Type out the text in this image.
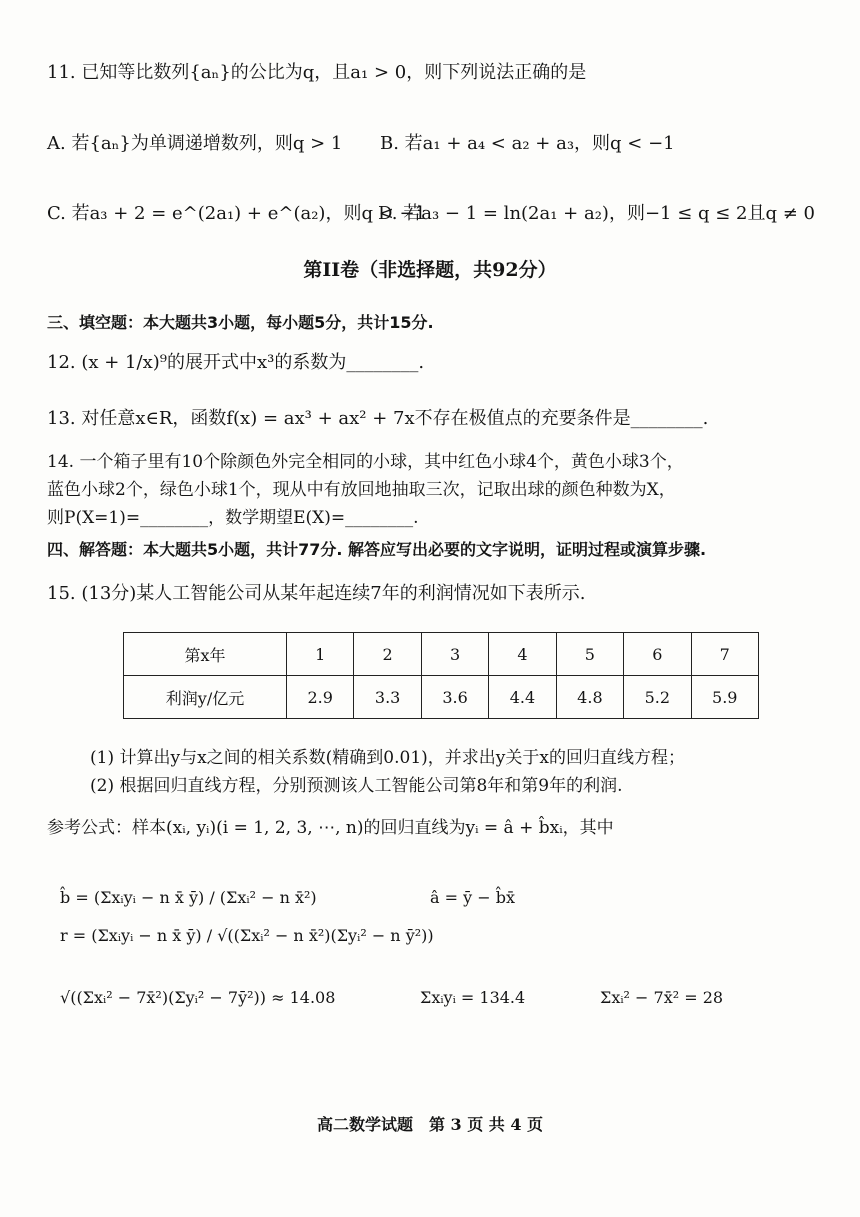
11. 已知等比数列{aₙ}的公比为q，且a₁ > 0，则下列说法正确的是
A. 若{aₙ}为单调递增数列，则q > 1 B. 若a₁ + a₄ < a₂ + a₃，则q < −1
C. 若a₃ + 2 = e^(2a₁) + e^(a₂)，则q < −1
D. 若a₃ − 1 = ln(2a₁ + a₂)，则−1 ≤ q ≤ 2且q ≠ 0
第II卷（非选择题，共92分）
三、填空题：本大题共3小题，每小题5分，共计15分.
12. (x + 1/x)⁹的展开式中x³的系数为________.
13. 对任意x∈R，函数f(x) = ax³ + ax² + 7x不存在极值点的充要条件是________.
14. 一个箱子里有10个除颜色外完全相同的小球，其中红色小球4个，黄色小球3个，
蓝色小球2个，绿色小球1个，现从中有放回地抽取三次，记取出球的颜色种数为X，
则P(X=1)=________，数学期望E(X)=________.
四、解答题：本大题共5小题，共计77分. 解答应写出必要的文字说明，证明过程或演算步骤.
15. (13分)某人工智能公司从某年起连续7年的利润情况如下表所示.
第x年	1	2	3	4	5	6	7
利润y/亿元	2.9	3.3	3.6	4.4	4.8	5.2	5.9
(1) 计算出y与x之间的相关系数(精确到0.01)，并求出y关于x的回归直线方程；
(2) 根据回归直线方程，分别预测该人工智能公司第8年和第9年的利润.
参考公式：样本(xᵢ, yᵢ)(i = 1, 2, 3, ⋯, n)的回归直线为yᵢ = â + b̂xᵢ，其中
b̂ = (Σxᵢyᵢ − n x̄ ȳ) / (Σxᵢ² − n x̄²)	â = ȳ − b̂x̄
r = (Σxᵢyᵢ − n x̄ ȳ) / √((Σxᵢ² − n x̄²)(Σyᵢ² − n ȳ²))
√((Σxᵢ² − 7x̄²)(Σyᵢ² − 7ȳ²)) ≈ 14.08	Σxᵢyᵢ = 134.4	Σxᵢ² − 7x̄² = 28
高二数学试题　第 3 页 共 4 页
